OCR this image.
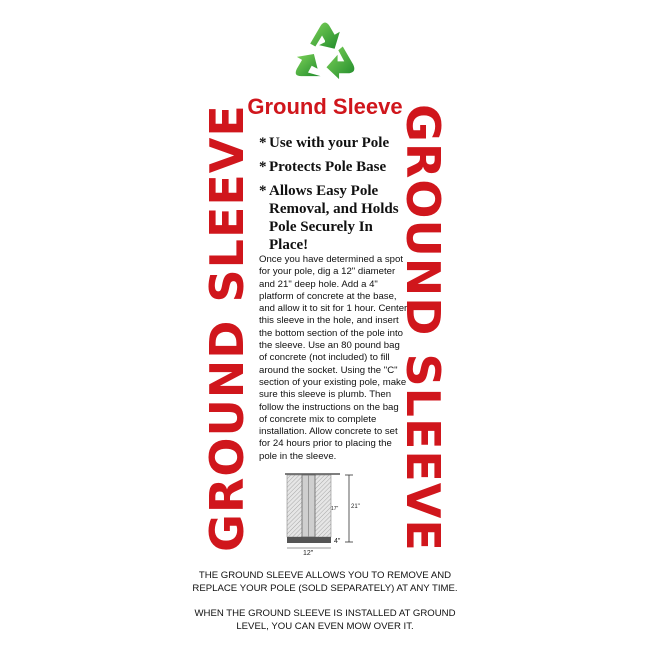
Ground Sleeve
GROUND SLEEVE	GROUND SLEEVE
* Use with your Pole
* Protects Pole Base
* Allows Easy Pole Removal, and Holds Pole Securely In Place!
Once you have determined a spot for your pole, dig a 12" diameter and 21" deep hole. Add a 4" platform of concrete at the base, and allow it to sit for 1 hour. Center this sleeve in the hole, and insert the bottom section of the pole into the sleeve. Use an 80 pound bag of concrete (not included) to fill around the socket. Using the "C" section of your existing pole, make sure this sleeve is plumb. Then follow the instructions on the bag of concrete mix to complete installation. Allow concrete to set for 24 hours prior to placing the pole in the sleeve.
21"
17"
4"
12"
THE GROUND SLEEVE ALLOWS YOU TO REMOVE AND REPLACE YOUR POLE (SOLD SEPARATELY) AT ANY TIME.
WHEN THE GROUND SLEEVE IS INSTALLED AT GROUND LEVEL, YOU CAN EVEN MOW OVER IT.
